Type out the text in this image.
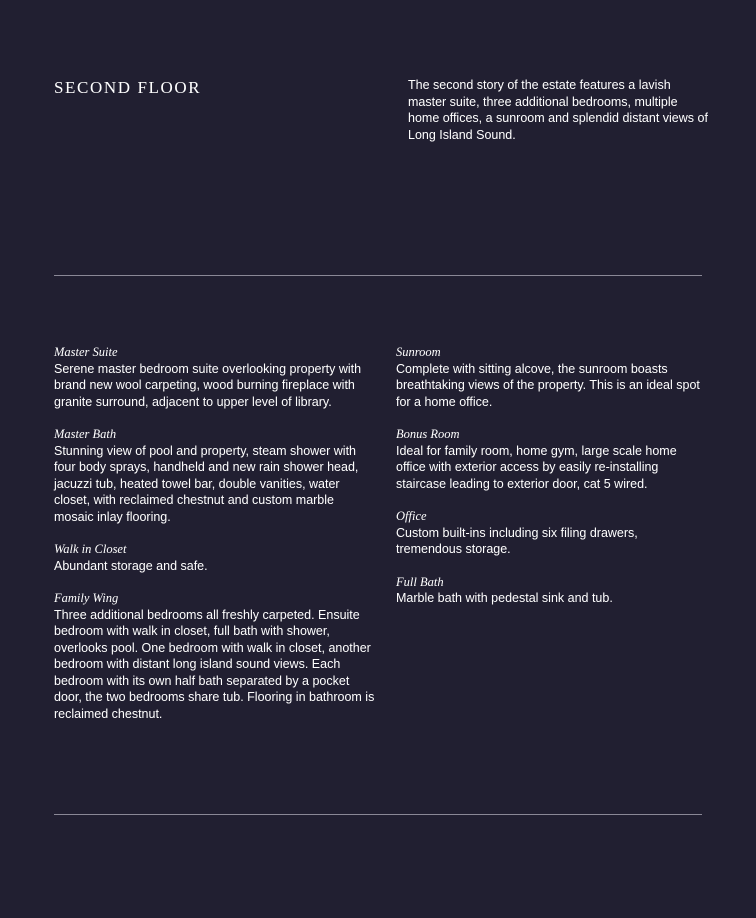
SECOND FLOOR	The second story of the estate features a lavish master suite, three additional bedrooms, multiple home offices, a sunroom and splendid distant views of Long Island Sound.

Master Suite
Serene master bedroom suite overlooking property with brand new wool carpeting, wood burning fireplace with granite surround, adjacent to upper level of library.
Master Bath
Stunning view of pool and property, steam shower with four body sprays, handheld and new rain shower head, jacuzzi tub, heated towel bar, double vanities, water closet, with reclaimed chestnut and custom marble mosaic inlay flooring.
Walk in Closet
Abundant storage and safe.
Family Wing
Three additional bedrooms all freshly carpeted. Ensuite bedroom with walk in closet, full bath with shower, overlooks pool. One bedroom with walk in closet, another bedroom with distant long island sound views. Each bedroom with its own half bath separated by a pocket door, the two bedrooms share tub. Flooring in bathroom is reclaimed chestnut.
Sunroom
Complete with sitting alcove, the sunroom boasts breathtaking views of the property. This is an ideal spot for a home office.
Bonus Room
Ideal for family room, home gym, large scale home office with exterior access by easily re-installing staircase leading to exterior door, cat 5 wired.
Office
Custom built-ins including six filing drawers, tremendous storage.
Full Bath
Marble bath with pedestal sink and tub.
